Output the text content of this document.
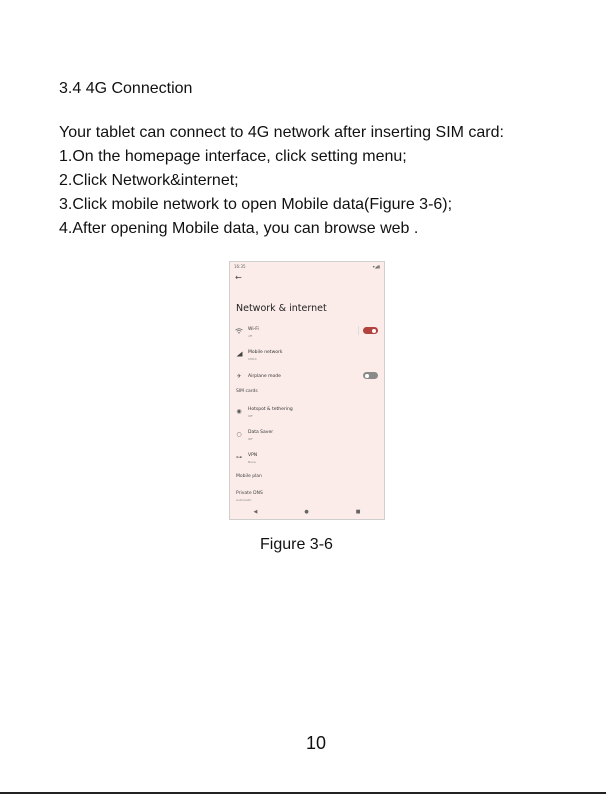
3.4 4G Connection
Your tablet can connect to 4G network after inserting SIM card:
1.On the homepage interface, click setting menu;
2.Click Network&internet;
3.Click mobile network to open Mobile data(Figure 3-6);
4.After opening Mobile data, you can browse web .
16:35	▾◢▮
←
Network & internet
Wi-Fi
off
Mobile network
CMCC
✈	Airplane mode
SIM cards
◉	Hotspot & tethering
Off
○	Data Saver
Off
⊶	VPN
None
Mobile plan
Private DNS
Automatic
◀	●	■
Figure 3-6
10
